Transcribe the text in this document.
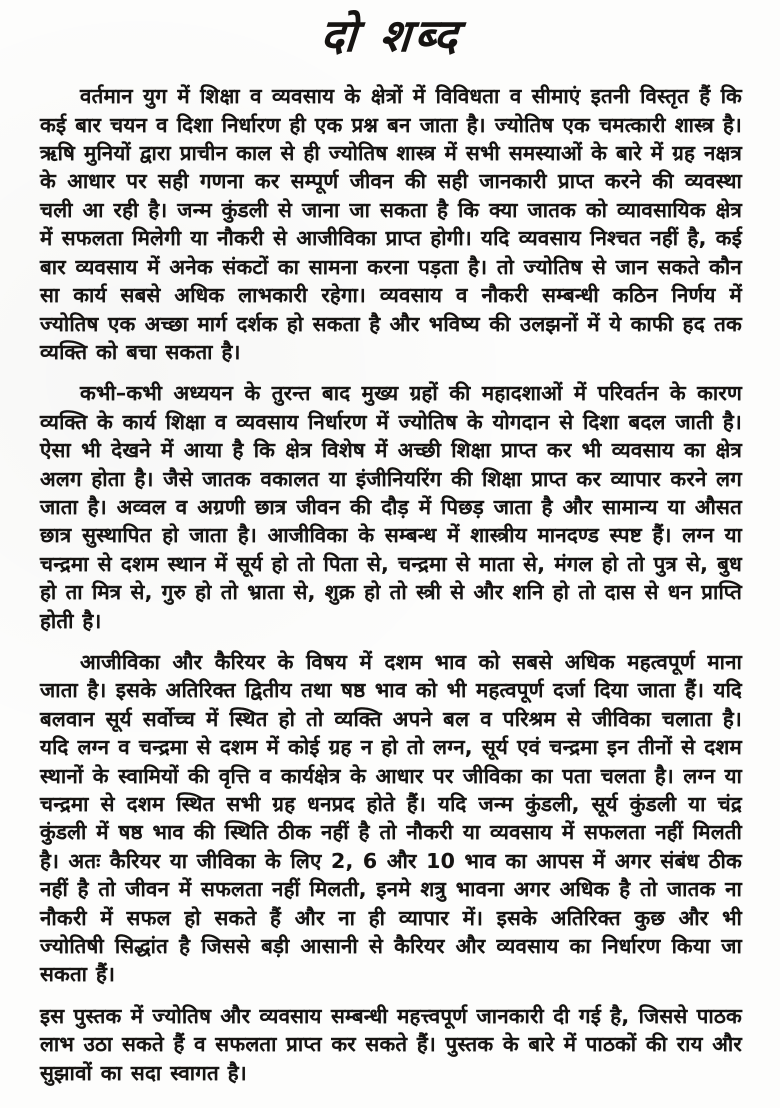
दो शब्द

वर्तमान युग में शिक्षा व व्यवसाय के क्षेत्रों में विविधता व सीमाएं इतनी विस्तृत हैं कि कई बार चयन व दिशा निर्धारण ही एक प्रश्न बन जाता है। ज्योतिष एक चमत्कारी शास्त्र है। ऋषि मुनियों द्वारा प्राचीन काल से ही ज्योतिष शास्त्र में सभी समस्याओं के बारे में ग्रह नक्षत्र के आधार पर सही गणना कर सम्पूर्ण जीवन की सही जानकारी प्राप्त करने की व्यवस्था चली आ रही है। जन्म कुंडली से जाना जा सकता है कि क्या जातक को व्यावसायिक क्षेत्र में सफलता मिलेगी या नौकरी से आजीविका प्राप्त होगी। यदि व्यवसाय निश्चत नहीं है, कई बार व्यवसाय में अनेक संकटों का सामना करना पड़ता है। तो ज्योतिष से जान सकते कौन सा कार्य सबसे अधिक लाभकारी रहेगा। व्यवसाय व नौकरी सम्बन्धी कठिन निर्णय में ज्योतिष एक अच्छा मार्ग दर्शक हो सकता है और भविष्य की उलझनों में ये काफी हद तक व्यक्ति को बचा सकता है।

कभी–कभी अध्ययन के तुरन्त बाद मुख्य ग्रहों की महादशाओं में परिवर्तन के कारण व्यक्ति के कार्य शिक्षा व व्यवसाय निर्धारण में ज्योतिष के योगदान से दिशा बदल जाती है। ऐसा भी देखने में आया है कि क्षेत्र विशेष में अच्छी शिक्षा प्राप्त कर भी व्यवसाय का क्षेत्र अलग होता है। जैसे जातक वकालत या इंजीनियरिंग की शिक्षा प्राप्त कर व्यापार करने लग जाता है। अव्वल व अग्रणी छात्र जीवन की दौड़ में पिछड़ जाता है और सामान्य या औसत छात्र सुस्थापित हो जाता है। आजीविका के सम्बन्ध में शास्त्रीय मानदण्ड स्पष्ट हैं। लग्न या चन्द्रमा से दशम स्थान में सूर्य हो तो पिता से, चन्द्रमा से माता से, मंगल हो तो पुत्र से, बुध हो ता मित्र से, गुरु हो तो भ्राता से, शुक्र हो तो स्त्री से और शनि हो तो दास से धन प्राप्ति होती है।

आजीविका और कैरियर के विषय में दशम भाव को सबसे अधिक महत्वपूर्ण माना जाता है। इसके अतिरिक्त द्वितीय तथा षष्ठ भाव को भी महत्वपूर्ण दर्जा दिया जाता हैं। यदि बलवान सूर्य सर्वोच्च में स्थित हो तो व्यक्ति अपने बल व परिश्रम से जीविका चलाता है। यदि लग्न व चन्द्रमा से दशम में कोई ग्रह न हो तो लग्न, सूर्य एवं चन्द्रमा इन तीनों से दशम स्थानों के स्वामियों की वृत्ति व कार्यक्षेत्र के आधार पर जीविका का पता चलता है। लग्न या चन्द्रमा से दशम स्थित सभी ग्रह धनप्रद होते हैं। यदि जन्म कुंडली, सूर्य कुंडली या चंद्र कुंडली में षष्ठ भाव की स्थिति ठीक नहीं है तो नौकरी या व्यवसाय में सफलता नहीं मिलती है। अतः कैरियर या जीविका के लिए 2, 6 और 10 भाव का आपस में अगर संबंध ठीक नहीं है तो जीवन में सफलता नहीं मिलती, इनमे शत्रु भावना अगर अधिक है तो जातक ना नौकरी में सफल हो सकते हैं और ना ही व्यापार में। इसके अतिरिक्त कुछ और भी ज्योतिषी सिद्धांत है जिससे बड़ी आसानी से कैरियर और व्यवसाय का निर्धारण किया जा सकता हैं।

इस पुस्तक में ज्योतिष और व्यवसाय सम्बन्धी महत्त्वपूर्ण जानकारी दी गई है, जिससे पाठक लाभ उठा सकते हैं व सफलता प्राप्त कर सकते हैं। पुस्तक के बारे में पाठकों की राय और सुझावों का सदा स्वागत है।
